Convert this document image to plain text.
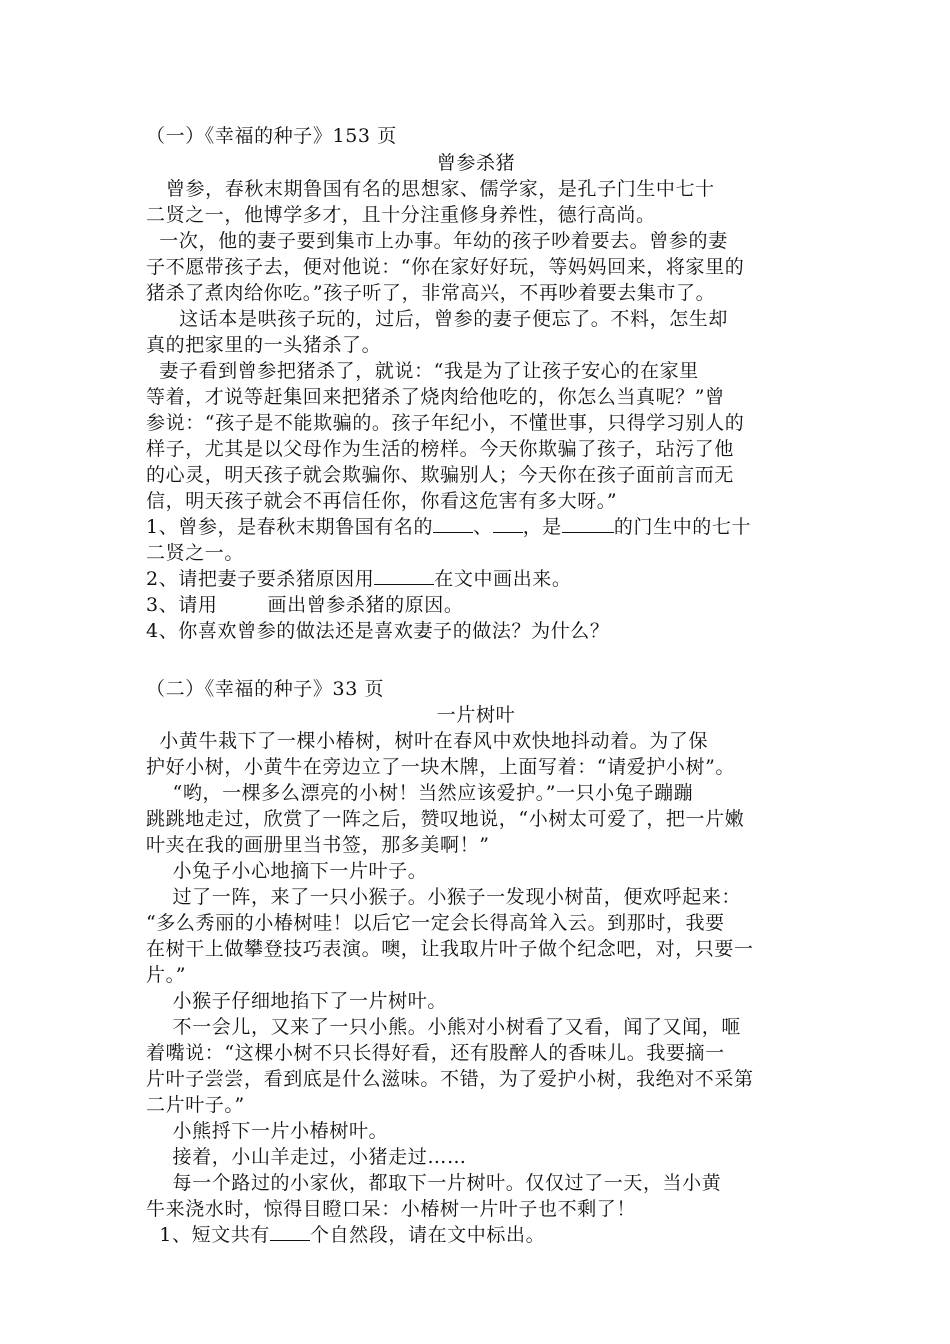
（一）《幸福的种子》153 页
曾参杀猪
曾参，春秋末期鲁国有名的思想家、儒学家，是孔子门生中七十
二贤之一，他博学多才，且十分注重修身养性，德行高尚。
一次，他的妻子要到集市上办事。年幼的孩子吵着要去。曾参的妻
子不愿带孩子去，便对他说：“你在家好好玩，等妈妈回来，将家里的
猪杀了煮肉给你吃。”孩子听了，非常高兴，不再吵着要去集市了。
这话本是哄孩子玩的，过后，曾参的妻子便忘了。不料，怎生却
真的把家里的一头猪杀了。
妻子看到曾参把猪杀了，就说：“我是为了让孩子安心的在家里
等着，才说等赶集回来把猪杀了烧肉给他吃的，你怎么当真呢？”曾
参说：“孩子是不能欺骗的。孩子年纪小，不懂世事，只得学习别人的
样子，尤其是以父母作为生活的榜样。今天你欺骗了孩子，玷污了他
的心灵，明天孩子就会欺骗你、欺骗别人；今天你在孩子面前言而无
信，明天孩子就会不再信任你，你看这危害有多大呀。”
1、曾参，是春秋末期鲁国有名的 、 ，是	的门生中的七十
二贤之一。
2、请把妻子要杀猪原因用	在文中画出来。
3、请用	画出曾参杀猪的原因。
4、你喜欢曾参的做法还是喜欢妻子的做法？为什么？
（二）《幸福的种子》33 页
一片树叶
小黄牛栽下了一棵小椿树，树叶在春风中欢快地抖动着。为了保
护好小树，小黄牛在旁边立了一块木牌，上面写着：“请爱护小树”。
“哟，一棵多么漂亮的小树！当然应该爱护。”一只小兔子蹦蹦
跳跳地走过，欣赏了一阵之后，赞叹地说，“小树太可爱了，把一片嫩
叶夹在我的画册里当书签，那多美啊！”
小兔子小心地摘下一片叶子。
过了一阵，来了一只小猴子。小猴子一发现小树苗，便欢呼起来：
“多么秀丽的小椿树哇！以后它一定会长得高耸入云。到那时，我要
在树干上做攀登技巧表演。噢，让我取片叶子做个纪念吧，对，只要一
片。”
小猴子仔细地掐下了一片树叶。
不一会儿，又来了一只小熊。小熊对小树看了又看，闻了又闻，咂
着嘴说：“这棵小树不只长得好看，还有股醉人的香味儿。我要摘一
片叶子尝尝，看到底是什么滋味。不错，为了爱护小树，我绝对不采第
二片叶子。”
小熊捋下一片小椿树叶。
接着，小山羊走过，小猪走过……
每一个路过的小家伙，都取下一片树叶。仅仅过了一天，当小黄
牛来浇水时，惊得目瞪口呆：小椿树一片叶子也不剩了！
1、短文共有 个自然段，请在文中标出。
